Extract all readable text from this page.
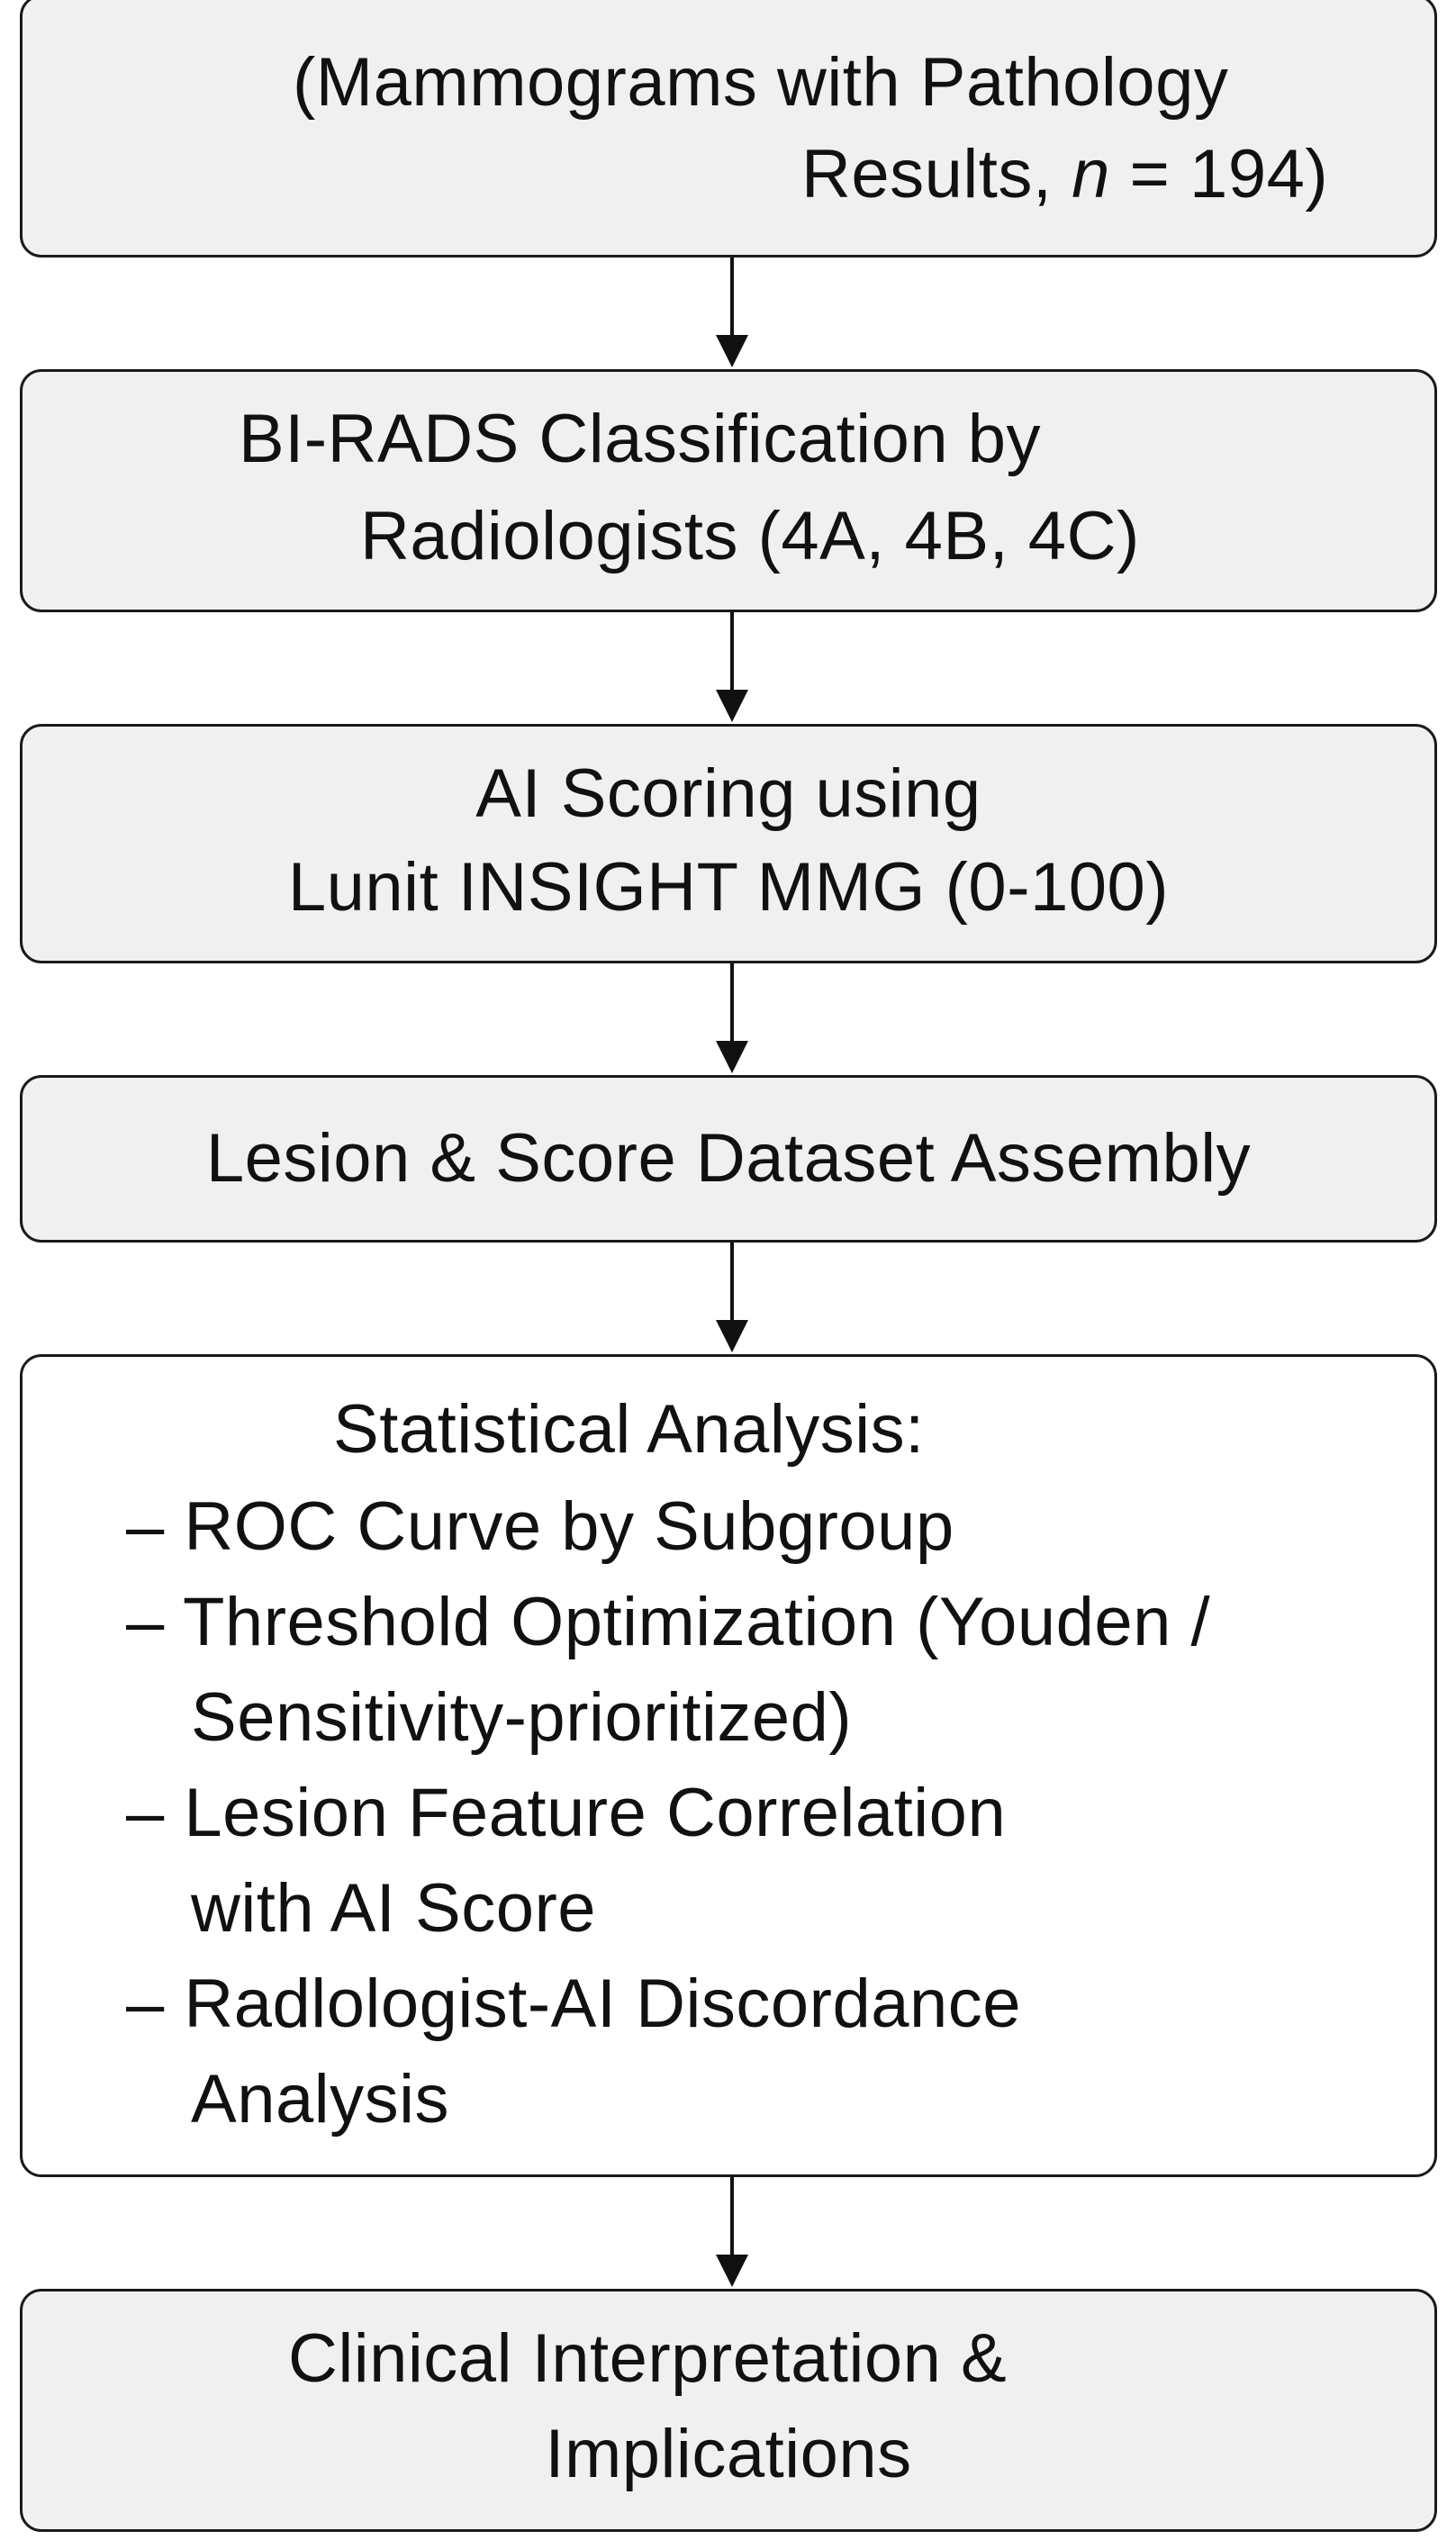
(Mammograms with Pathology
Results, n = 194)
BI-RADS Classification by
Radiologists (4A, 4B, 4C)
AI Scoring using
Lunit INSIGHT MMG (0-100)
Lesion & Score Dataset Assembly
Statistical Analysis:
– ROC Curve by Subgroup
– Threshold Optimization (Youden /
Sensitivity-prioritized)
– Lesion Feature Correlation
with AI Score
– Radlologist-AI Discordance
Analysis
Clinical Interpretation &
Implications
